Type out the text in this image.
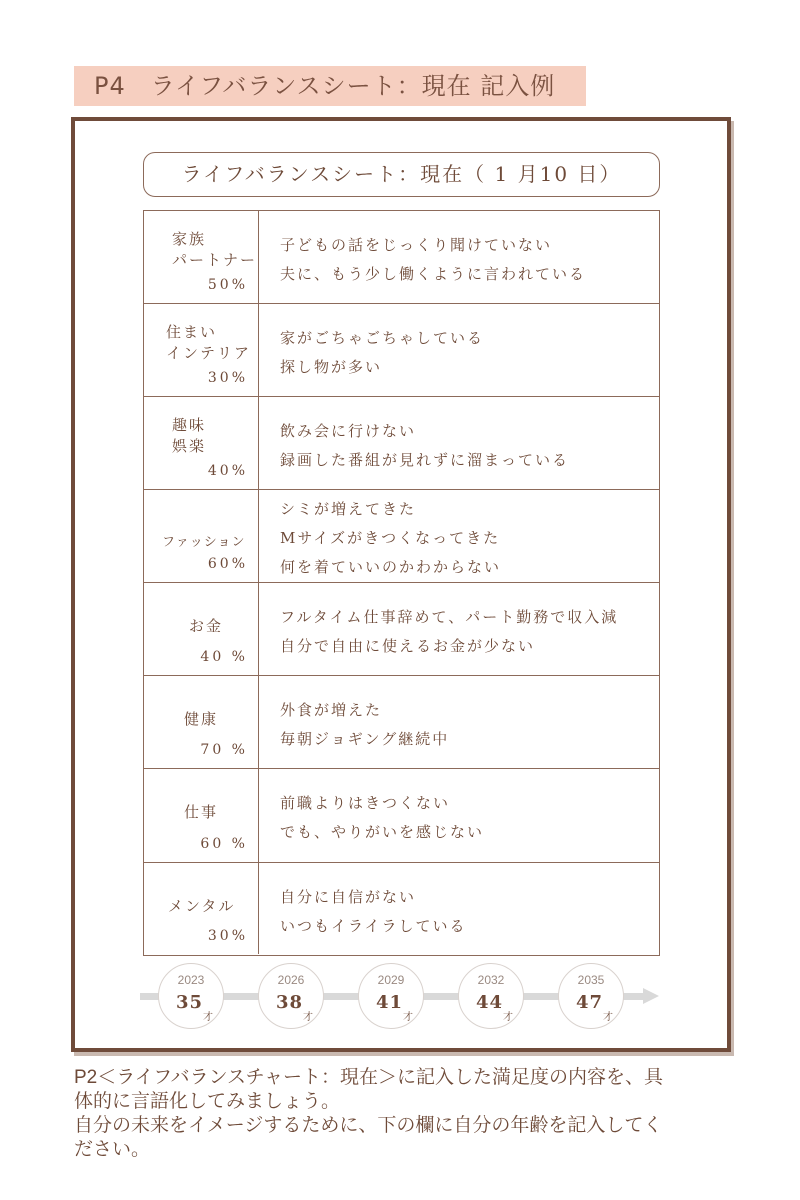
P4　ライフバランスシート：現在 記入例
ライフバランスシート：現在（ 1 月10 日）
家族
パートナー
50%
子どもの話をじっくり聞けていない
夫に、もう少し働くように言われている
住まい
インテリア
30%
家がごちゃごちゃしている
探し物が多い
趣味
娯楽
40%
飲み会に行けない
録画した番組が見れずに溜まっている
ファッション
60%
シミが増えてきた
Mサイズがきつくなってきた
何を着ていいのかわからない
お金
40 %
フルタイム仕事辞めて、パート勤務で収入減
自分で自由に使えるお金が少ない
健康
70 %
外食が増えた
毎朝ジョギング継続中
仕事
60 %
前職よりはきつくない
でも、やりがいを感じない
メンタル
30%
自分に自信がない
いつもイライラしている
2023
35
才
2026
38
才
2029
41
才
2032
44
才
2035
47
才
P2＜ライフバランスチャート：現在＞に記入した満足度の内容を、具
体的に言語化してみましょう。
自分の未来をイメージするために、下の欄に自分の年齢を記入してく
ださい。
